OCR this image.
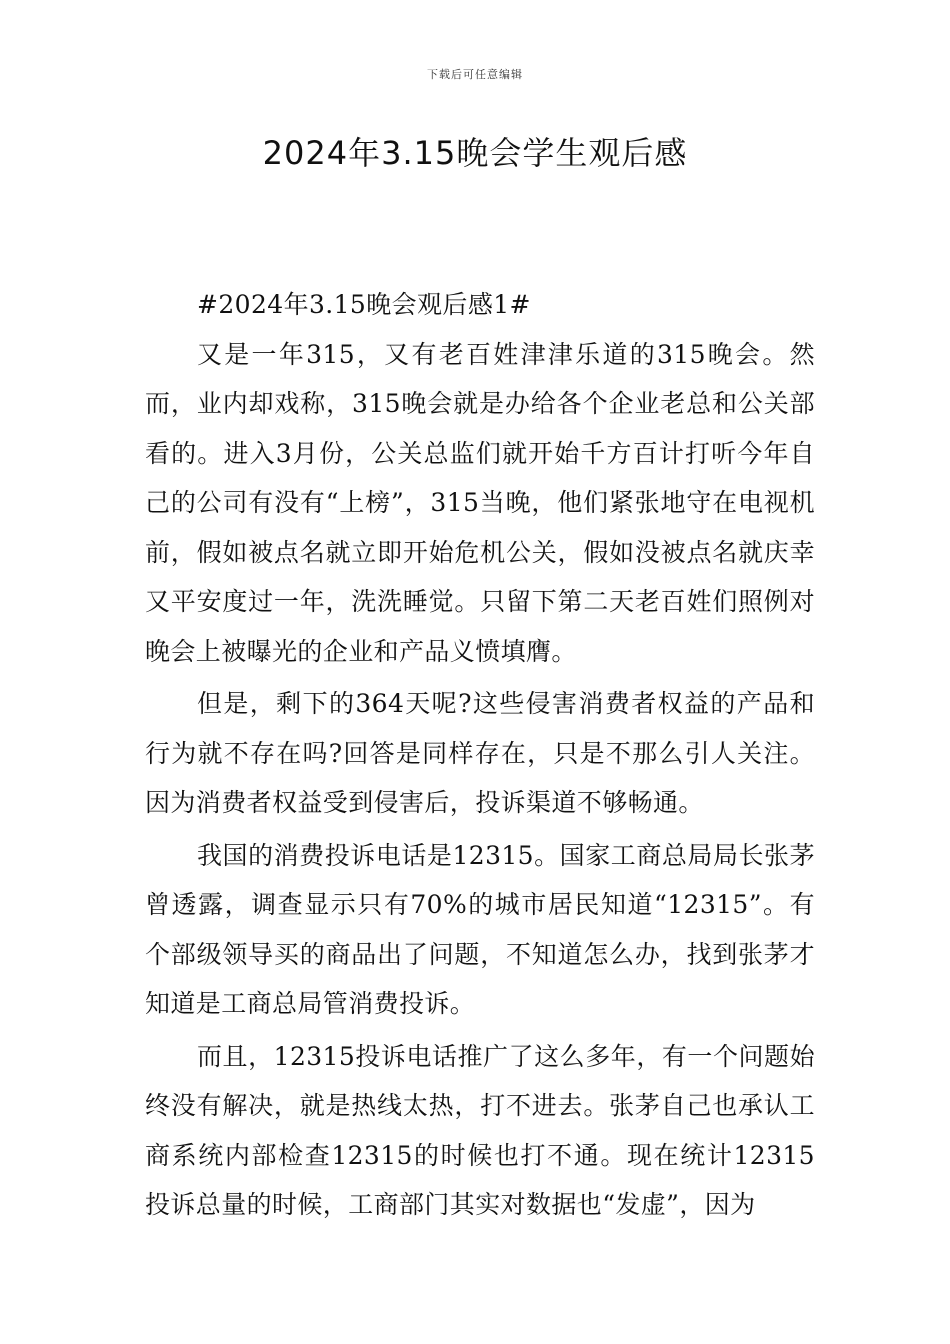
下载后可任意编辑
2024年3.15晚会学生观后感

#2024年3.15晚会观后感1#

又是一年315，又有老百姓津津乐道的315晚会。然而，业内却戏称，315晚会就是办给各个企业老总和公关部看的。进入3月份，公关总监们就开始千方百计打听今年自己的公司有没有“上榜”，315当晚，他们紧张地守在电视机前，假如被点名就立即开始危机公关，假如没被点名就庆幸又平安度过一年，洗洗睡觉。只留下第二天老百姓们照例对晚会上被曝光的企业和产品义愤填膺。

但是，剩下的364天呢?这些侵害消费者权益的产品和行为就不存在吗?回答是同样存在，只是不那么引人关注。因为消费者权益受到侵害后，投诉渠道不够畅通。

我国的消费投诉电话是12315。国家工商总局局长张茅曾透露，调查显示只有70%的城市居民知道“12315”。有个部级领导买的商品出了问题，不知道怎么办，找到张茅才知道是工商总局管消费投诉。

而且，12315投诉电话推广了这么多年，有一个问题始终没有解决，就是热线太热，打不进去。张茅自己也承认工商系统内部检查12315的时候也打不通。现在统计12315投诉总量的时候，工商部门其实对数据也“发虚”，因为
